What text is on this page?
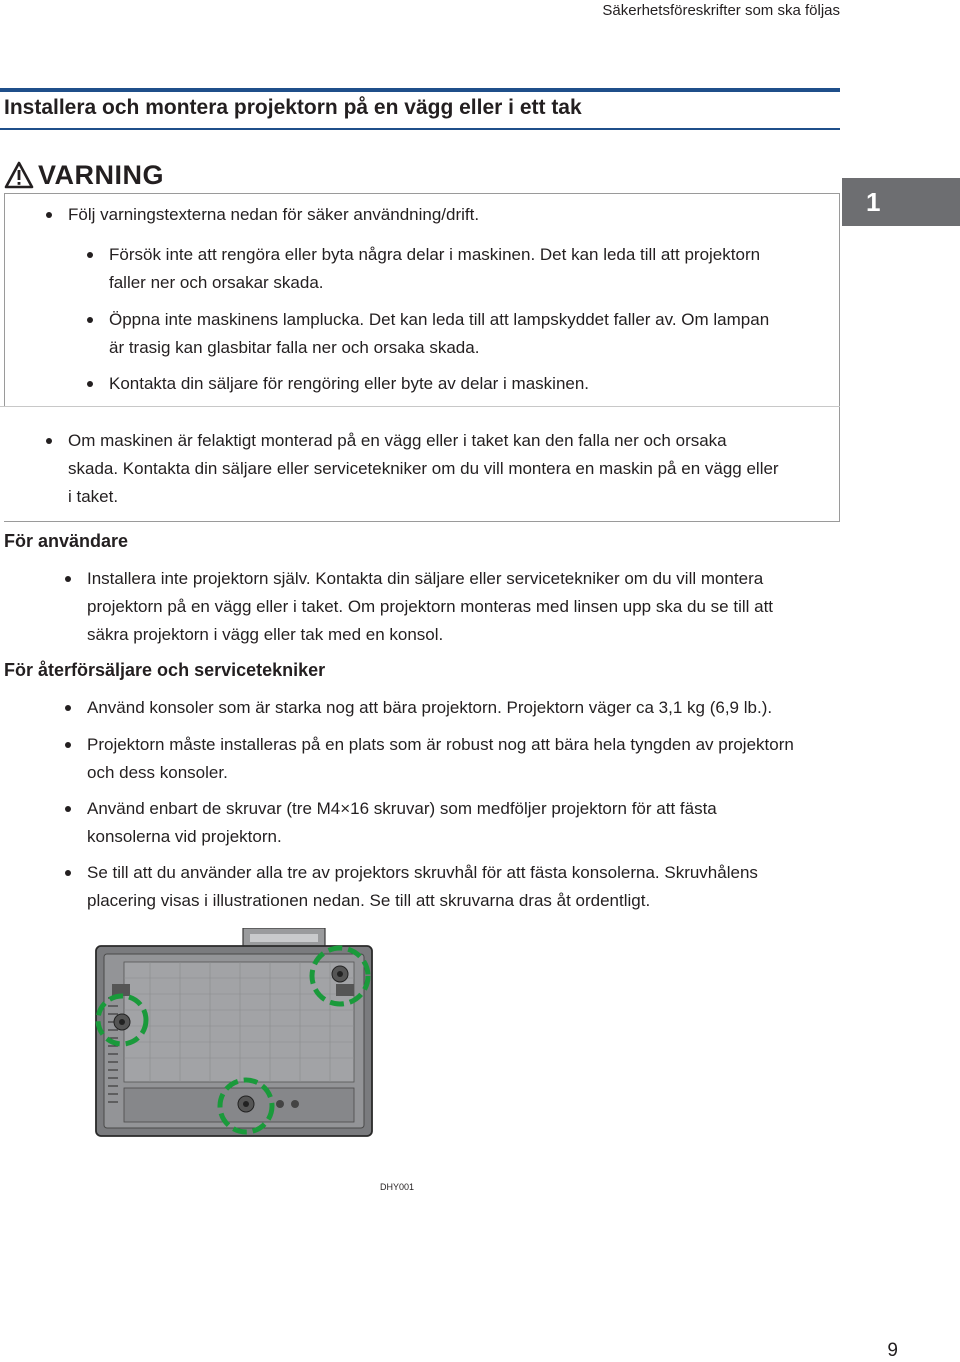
Säkerhetsföreskrifter som ska följas
Installera och montera projektorn på en vägg eller i ett tak
1
VARNING
Följ varningstexterna nedan för säker användning/drift.
Försök inte att rengöra eller byta några delar i maskinen. Det kan leda till att projektorn
faller ner och orsakar skada.
Öppna inte maskinens lamplucka. Det kan leda till att lampskyddet faller av. Om lampan
är trasig kan glasbitar falla ner och orsaka skada.
Kontakta din säljare för rengöring eller byte av delar i maskinen.
Om maskinen är felaktigt monterad på en vägg eller i taket kan den falla ner och orsaka
skada. Kontakta din säljare eller servicetekniker om du vill montera en maskin på en vägg eller
i taket.
För användare
Installera inte projektorn själv. Kontakta din säljare eller servicetekniker om du vill montera
projektorn på en vägg eller i taket. Om projektorn monteras med linsen upp ska du se till att
säkra projektorn i vägg eller tak med en konsol.
För återförsäljare och servicetekniker
Använd konsoler som är starka nog att bära projektorn. Projektorn väger ca 3,1 kg (6,9 lb.).
Projektorn måste installeras på en plats som är robust nog att bära hela tyngden av projektorn
och dess konsoler.
Använd enbart de skruvar (tre M4×16 skruvar) som medföljer projektorn för att fästa
konsolerna vid projektorn.
Se till att du använder alla tre av projektors skruvhål för att fästa konsolerna. Skruvhålens
placering visas i illustrationen nedan. Se till att skruvarna dras åt ordentligt.
DHY001
9
